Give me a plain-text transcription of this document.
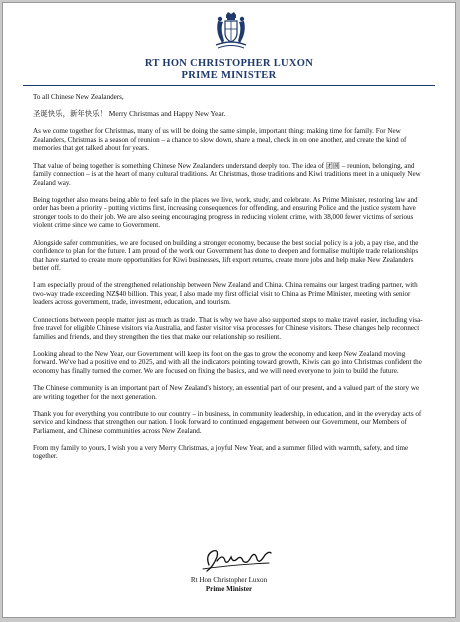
RT HON CHRISTOPHER LUXON
PRIME MINISTER

To all Chinese New Zealanders,

圣诞快乐，新年快乐！ Merry Christmas and Happy New Year.

As we come together for Christmas, many of us will be doing the same simple, important thing: making time for family. For New Zealanders, Christmas is a season of reunion – a chance to slow down, share a meal, check in on one another, and create the kind of memories that get talked about for years.

That value of being together is something Chinese New Zealanders understand deeply too. The idea of 团圆 – reunion, belonging, and family connection – is at the heart of many cultural traditions. At Christmas, those traditions and Kiwi traditions meet in a uniquely New Zealand way.

Being together also means being able to feel safe in the places we live, work, study, and celebrate. As Prime Minister, restoring law and order has been a priority - putting victims first, increasing consequences for offending, and ensuring Police and the justice system have stronger tools to do their job. We are also seeing encouraging progress in reducing violent crime, with 38,000 fewer victims of serious violent crime since we came to Government.

Alongside safer communities, we are focused on building a stronger economy, because the best social policy is a job, a pay rise, and the confidence to plan for the future. I am proud of the work our Government has done to deepen and formalise multiple trade relationships that have started to create more opportunities for Kiwi businesses, lift export returns, create more jobs and help make New Zealanders better off.

I am especially proud of the strengthened relationship between New Zealand and China. China remains our largest trading partner, with two-way trade exceeding NZ$40 billion. This year, I also made my first official visit to China as Prime Minister, meeting with senior leaders across government, trade, investment, education, and tourism.

Connections between people matter just as much as trade. That is why we have also supported steps to make travel easier, including visa-free travel for eligible Chinese visitors via Australia, and faster visitor visa processes for Chinese visitors. These changes help reconnect families and friends, and they strengthen the ties that make our relationship so resilient.

Looking ahead to the New Year, our Government will keep its foot on the gas to grow the economy and keep New Zealand moving forward. We've had a positive end to 2025, and with all the indicators pointing toward growth, Kiwis can go into Christmas confident the economy has finally turned the corner. We are focused on fixing the basics, and we will need everyone to join to build the future.

The Chinese community is an important part of New Zealand's history, an essential part of our present, and a valued part of the story we are writing together for the next generation.

Thank you for everything you contribute to our country – in business, in community leadership, in education, and in the everyday acts of service and kindness that strengthen our nation. I look forward to continued engagement between our Government, our Members of Parliament, and Chinese communities across New Zealand.

From my family to yours, I wish you a very Merry Christmas, a joyful New Year, and a summer filled with warmth, safety, and time together.

Rt Hon Christopher Luxon
Prime Minister
